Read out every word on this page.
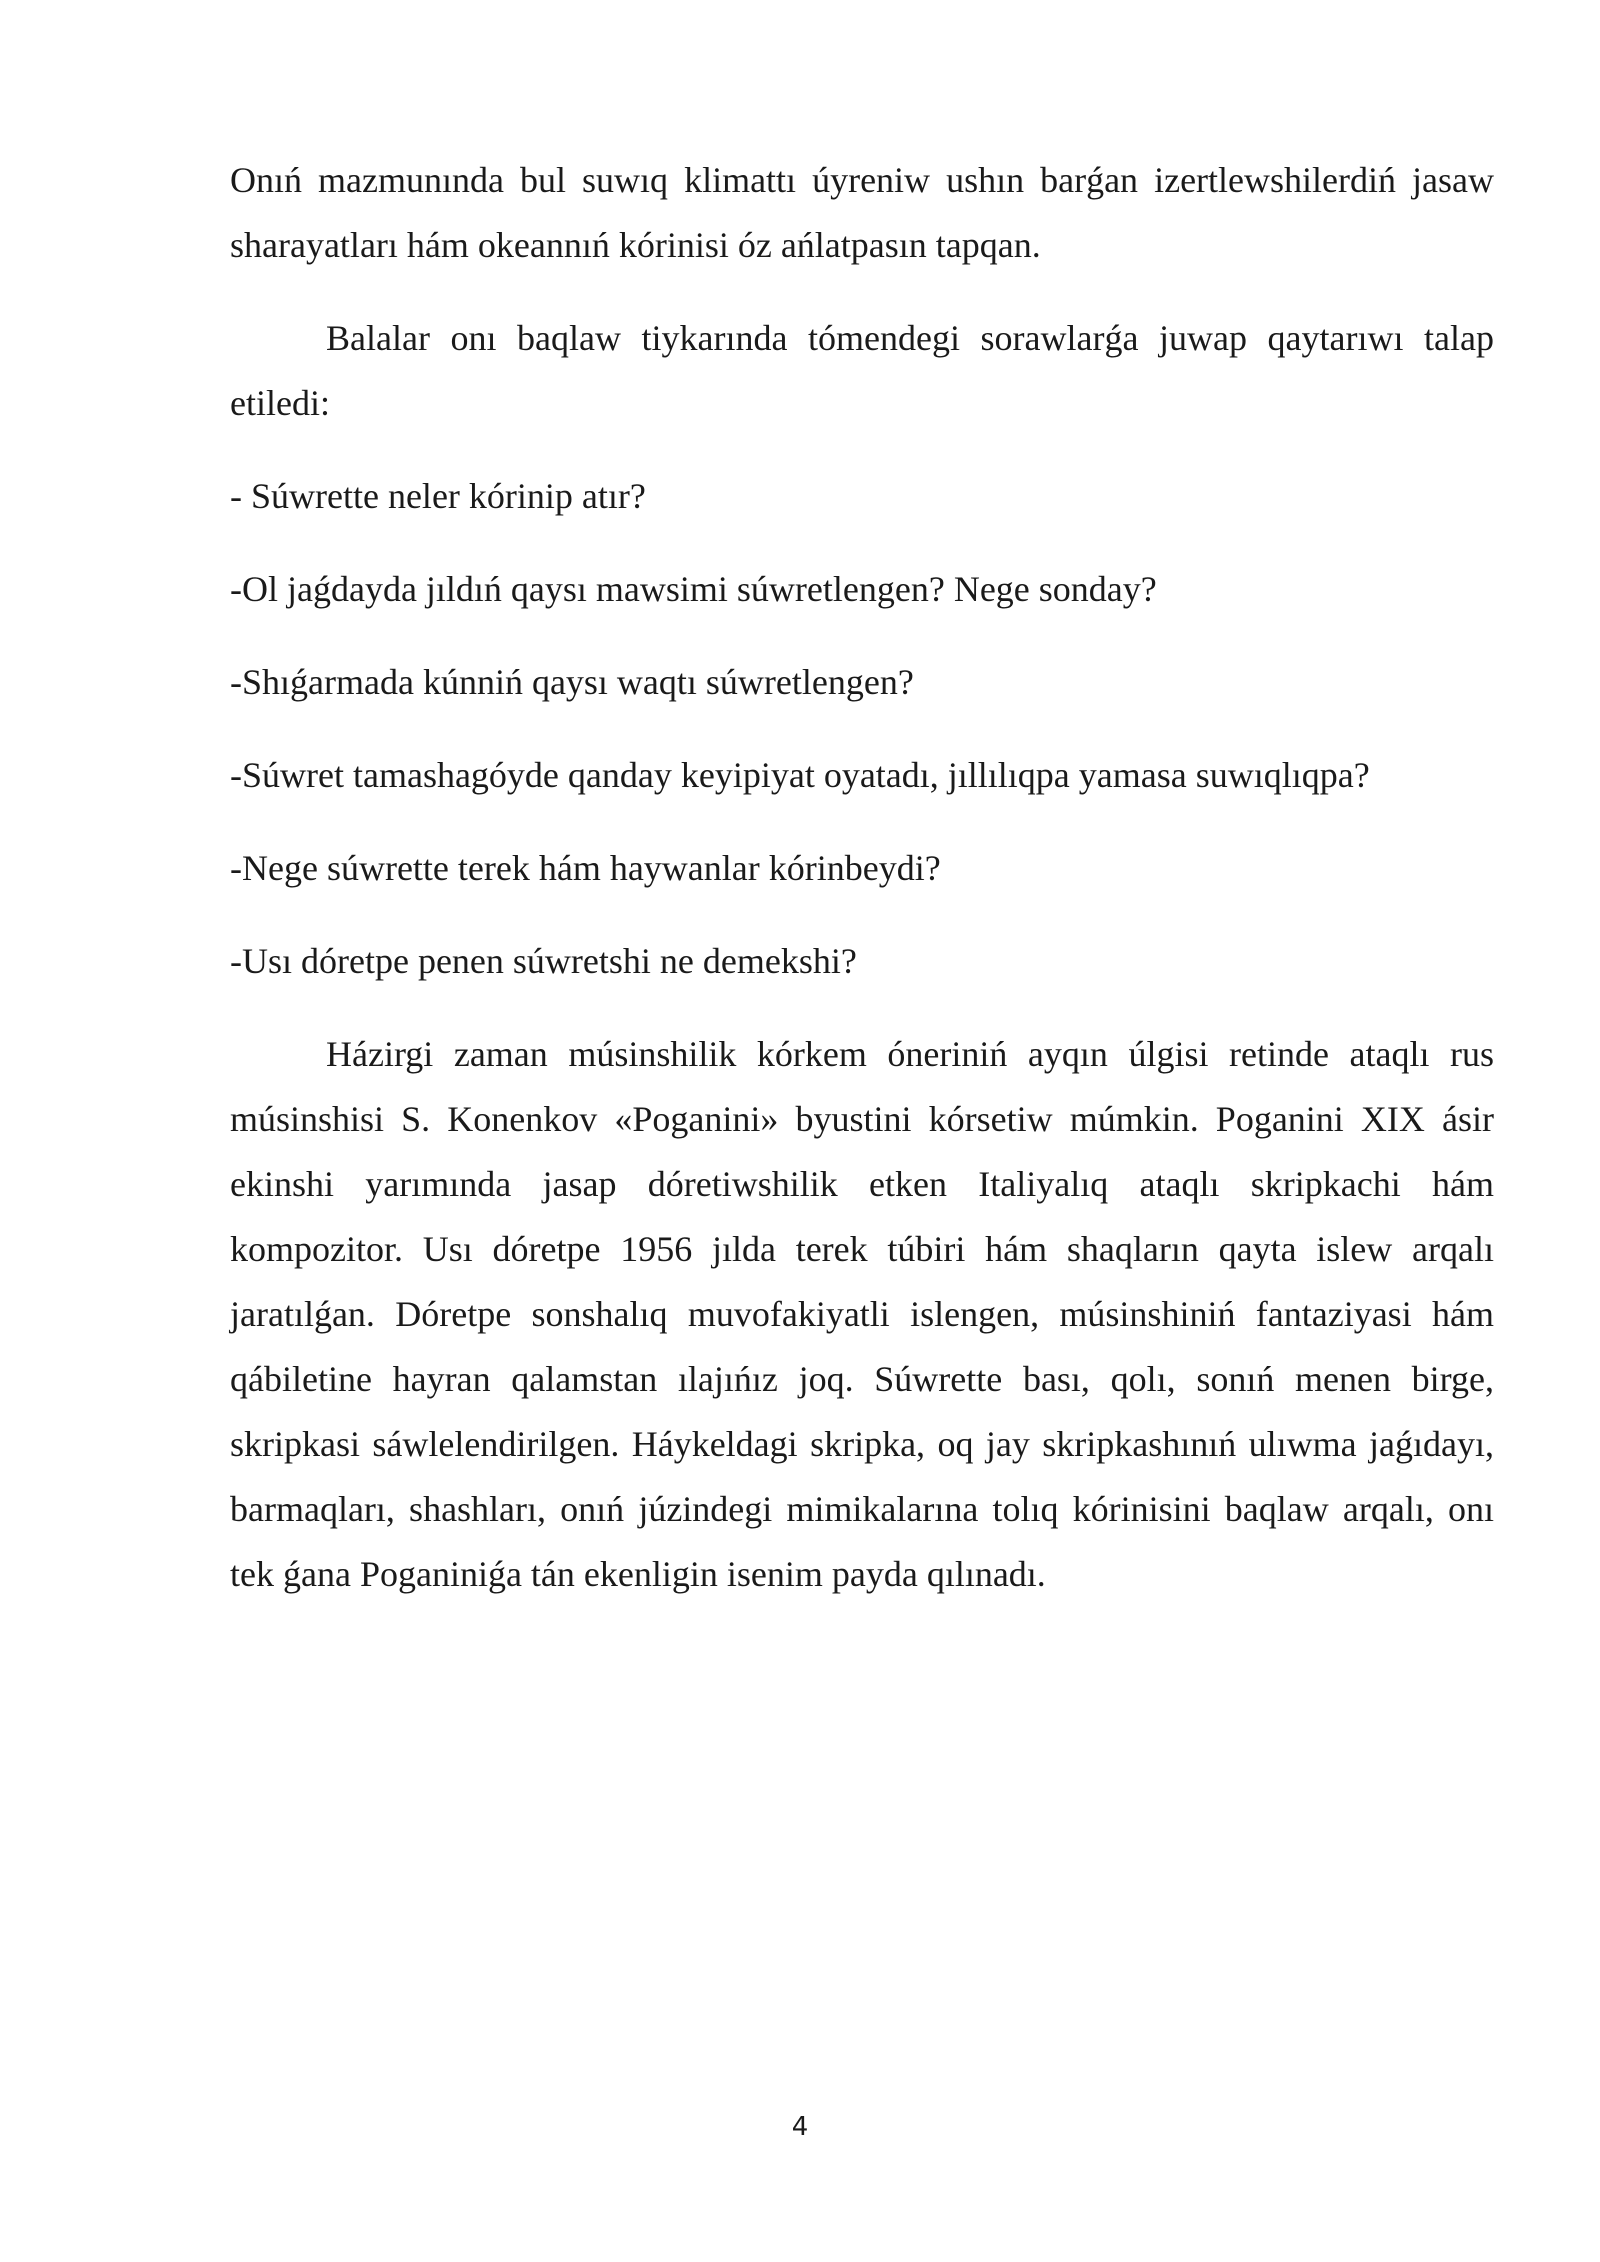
Onıń mazmunında bul suwıq klimattı úyreniw ushın barǵan izertlewshilerdiń jasaw sharayatları hám okeannıń kórinisi óz ańlatpasın tapqan.

Balalar onı baqlaw tiykarında tómendegi sorawlarǵa juwap qaytarıwı talap etiledi:

- Súwrette neler kórinip atır?

-Ol jaǵdayda jıldıń qaysı mawsimi súwretlengen? Nege sonday?

-Shıǵarmada kúnniń qaysı waqtı súwretlengen?

-Súwret tamashagóyde qanday keyipiyat oyatadı, jıllılıqpa yamasa suwıqlıqpa?

-Nege súwrette terek hám haywanlar kórinbeydi?

-Usı dóretpe penen súwretshi ne demekshi?

Házirgi zaman músinshilik kórkem óneriniń ayqın úlgisi retinde ataqlı rus músinshisi S. Konenkov «Poganini» byustini kórsetiw múmkin. Poganini XIX ásir ekinshi yarımında jasap dóretiwshilik etken Italiyalıq ataqlı skripkachi hám kompozitor. Usı dóretpe 1956 jılda terek túbiri hám shaqların qayta islew arqalı jaratılǵan. Dóretpe sonshalıq muvofakiyatli islengen, músinshiniń fantaziyasi hám qábiletine hayran qalamstan ılajıńız joq. Súwrette bası, qolı, sonıń menen birge, skripkasi sáwlelendirilgen. Háykeldagi skripka, oq jay skripkashınıń ulıwma jaǵıdayı, barmaqları, shashları, onıń júzindegi mimikalarına tolıq kórinisini baqlaw arqalı, onı tek ǵana Poganiniǵa tán ekenligin isenim payda qılınadı.

4
